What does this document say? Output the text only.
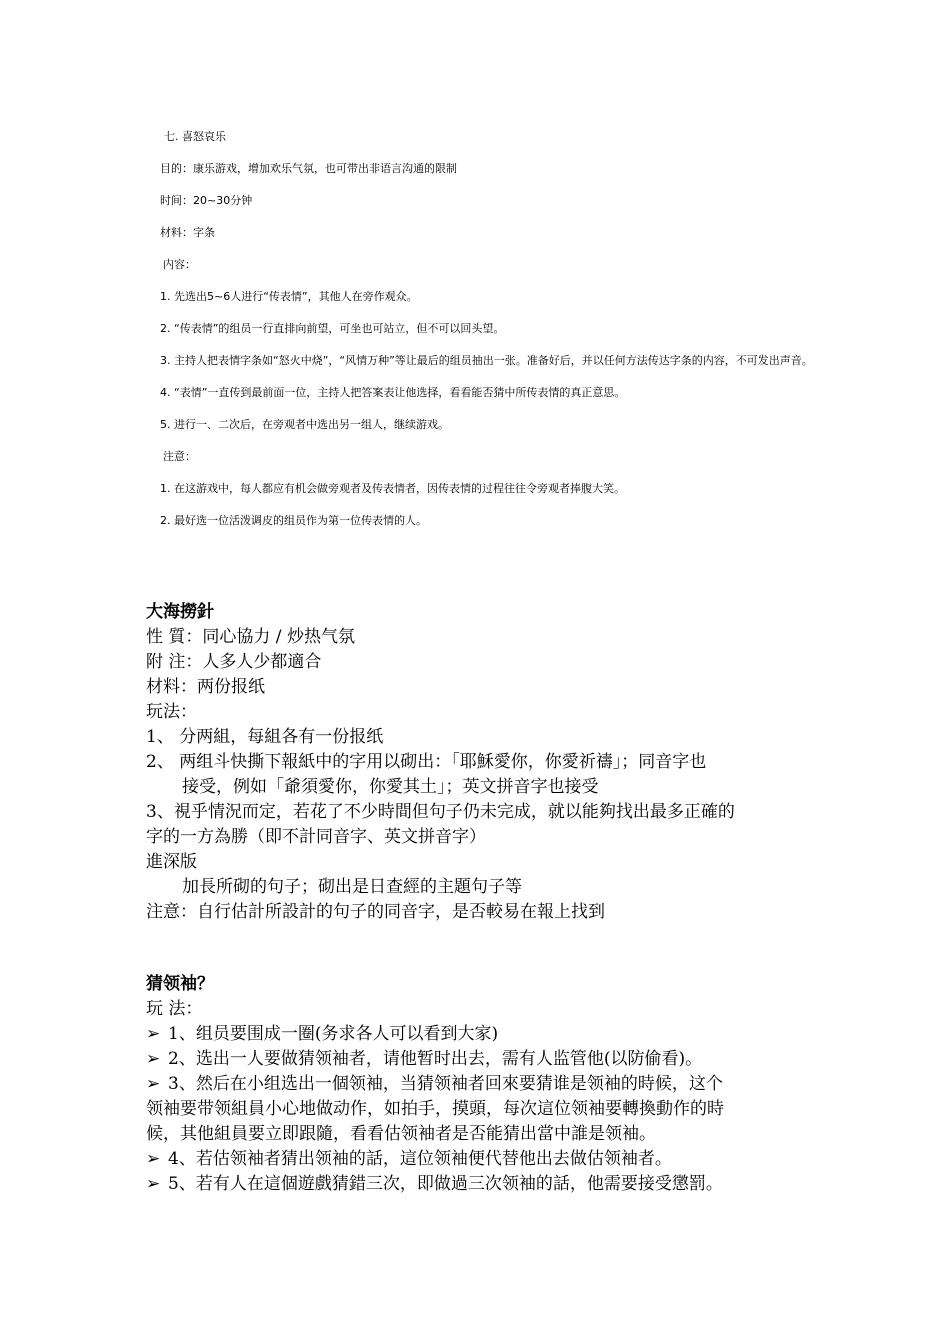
七. 喜怒哀乐
目的：康乐游戏，增加欢乐气氛，也可带出非语言沟通的限制
时间：20~30分钟
材料：字条
内容：
1. 先选出5~6人进行“传表情”，其他人在旁作观众。
2. “传表情”的组员一行直排向前望，可坐也可站立，但不可以回头望。
3. 主持人把表情字条如“怒火中烧”，“风情万种”等让最后的组员抽出一张。准备好后，并以任何方法传达字条的内容，不可发出声音。
4. “表情”一直传到最前面一位，主持人把答案表让他选择，看看能否猜中所传表情的真正意思。
5. 进行一、二次后，在旁观者中选出另一组人，继续游戏。
注意：
1. 在这游戏中，每人都应有机会做旁观者及传表情者，因传表情的过程往往令旁观者捧腹大笑。
2. 最好选一位活泼调皮的组员作为第一位传表情的人。
大海撈針
性 質：同心協力 / 炒热气氛
附 注：人多人少都適合
材料：两份报纸
玩法：
1、 分两組，每組各有一份报纸
2、 两组斗快撕下報紙中的字用以砌出：「耶穌愛你，你愛祈禱」；同音字也
接受，例如「爺須愛你，你愛其土」；英文拼音字也接受
3、視乎情況而定，若花了不少時間但句子仍未完成，就以能夠找出最多正確的
字的一方為勝（即不計同音字、英文拼音字）
進深版
加長所砌的句子；砌出是日查經的主題句子等
注意：自行估計所設計的句子的同音字，是否較易在報上找到
猜领袖？
玩 法：
➢ 1、组员要围成一圈(务求各人可以看到大家)
➢ 2、选出一人要做猜领袖者，请他暂时出去，需有人监管他(以防偷看)。
➢ 3、然后在小组选出一個领袖，当猜领袖者回來要猜谁是领袖的時候，这个
领袖要带领組員小心地做动作，如拍手，摸頭，每次這位领袖要轉換動作的時
候，其他組員要立即跟隨，看看估领袖者是否能猜出當中誰是领袖。
➢ 4、若估领袖者猜出领袖的話，這位领袖便代替他出去做估领袖者。
➢ 5、若有人在這個遊戲猜錯三次，即做過三次领袖的話，他需要接受懲罰。
